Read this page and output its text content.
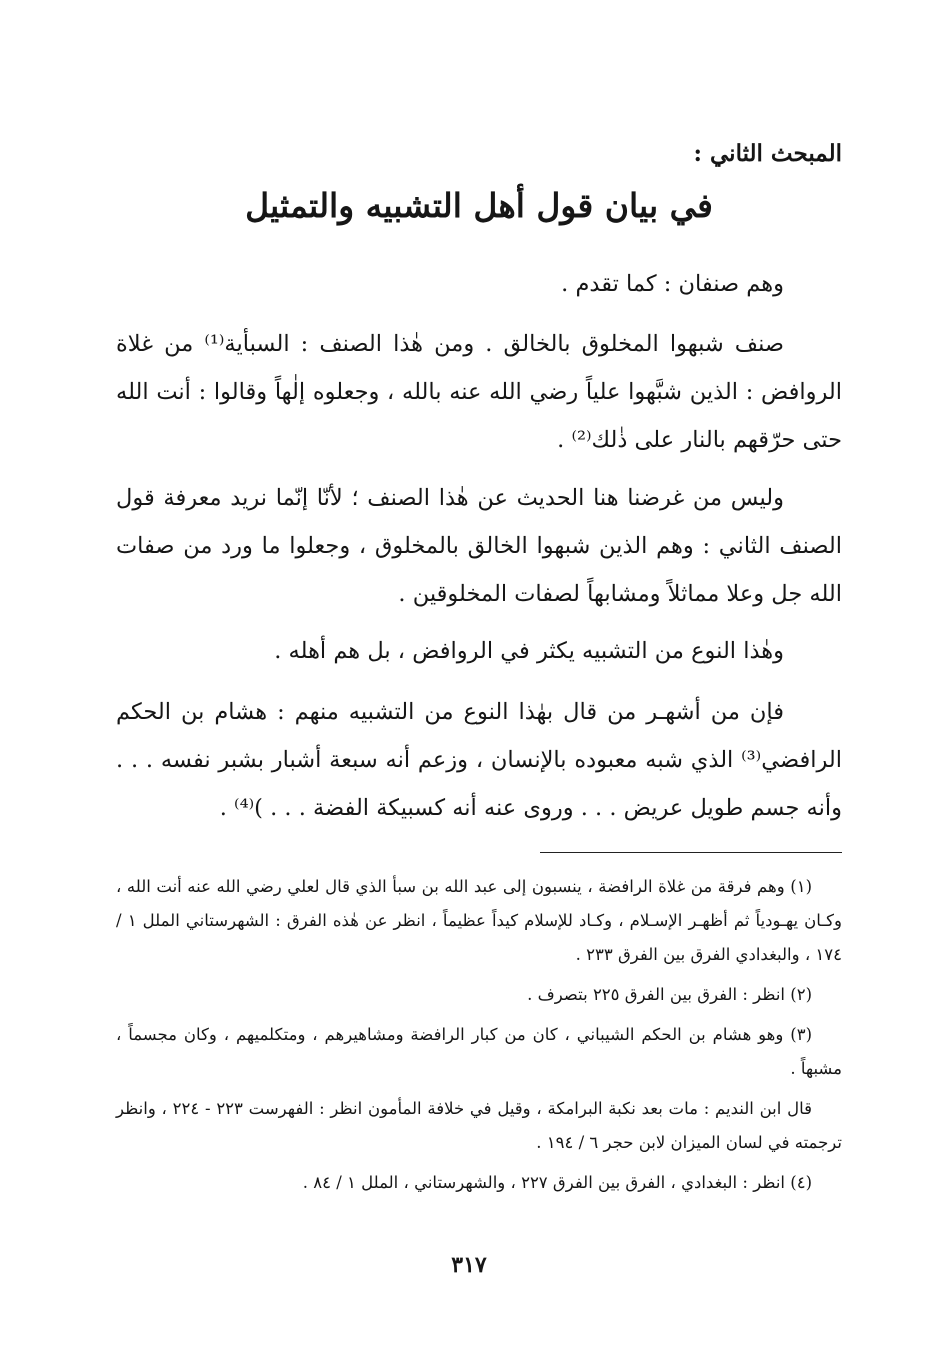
المبحث الثاني :
في بيان قول أهل التشبيه والتمثيل

وهم صنفان : كما تقدم .

صنف شبهوا المخلوق بالخالق . ومن هٰذا الصنف : السبأية⁽¹⁾ من غلاة الروافض : الذين شبَّهوا علياً رضي الله عنه بالله ، وجعلوه إلٰهاً وقالوا : أنت الله حتى حرّقهم بالنار على ذٰلك⁽²⁾ .

وليس من غرضنا هنا الحديث عن هٰذا الصنف ؛ لأنّا إنّما نريد معرفة قول الصنف الثاني : وهم الذين شبهوا الخالق بالمخلوق ، وجعلوا ما ورد من صفات الله جل وعلا مماثلاً ومشابهاً لصفات المخلوقين .

وهٰذا النوع من التشبيه يكثر في الروافض ، بل هم أهله .

فإن من أشهـر من قال بهٰذا النوع من التشبيه منهم : هشام بن الحكم الرافضي⁽³⁾ الذي شبه معبوده بالإنسان ، وزعم أنه سبعة أشبار بشبر نفسه . . . وأنه جسم طويل عريض . . . وروى عنه أنه كسبيكة الفضة . . . )⁽⁴⁾ .

(١) وهم فرقة من غلاة الرافضة ، ينسبون إلى عبد الله بن سبأ الذي قال لعلي رضي الله عنه أنت الله ، وكـان يهـودياً ثم أظهـر الإسـلام ، وكـاد للإسلام كيداً عظيماً ، انظر عن هٰذه الفرق : الشهرستاني الملل ١ / ١٧٤ ، والبغدادي الفرق بين الفرق ٢٣٣ .

(٢) انظر : الفرق بين الفرق ٢٢٥ بتصرف .

(٣) وهو هشام بن الحكم الشيباني ، كان من كبار الرافضة ومشاهيرهم ، ومتكلميهم ، وكان مجسماً ، مشبهاً .

قال ابن النديم : مات بعد نكبة البرامكة ، وقيل في خلافة المأمون انظر : الفهرست ٢٢٣ - ٢٢٤ ، وانظر ترجمته في لسان الميزان لابن حجر ٦ / ١٩٤ .

(٤) انظر : البغدادي ، الفرق بين الفرق ٢٢٧ ، والشهرستاني ، الملل ١ / ٨٤ .

٣١٧
